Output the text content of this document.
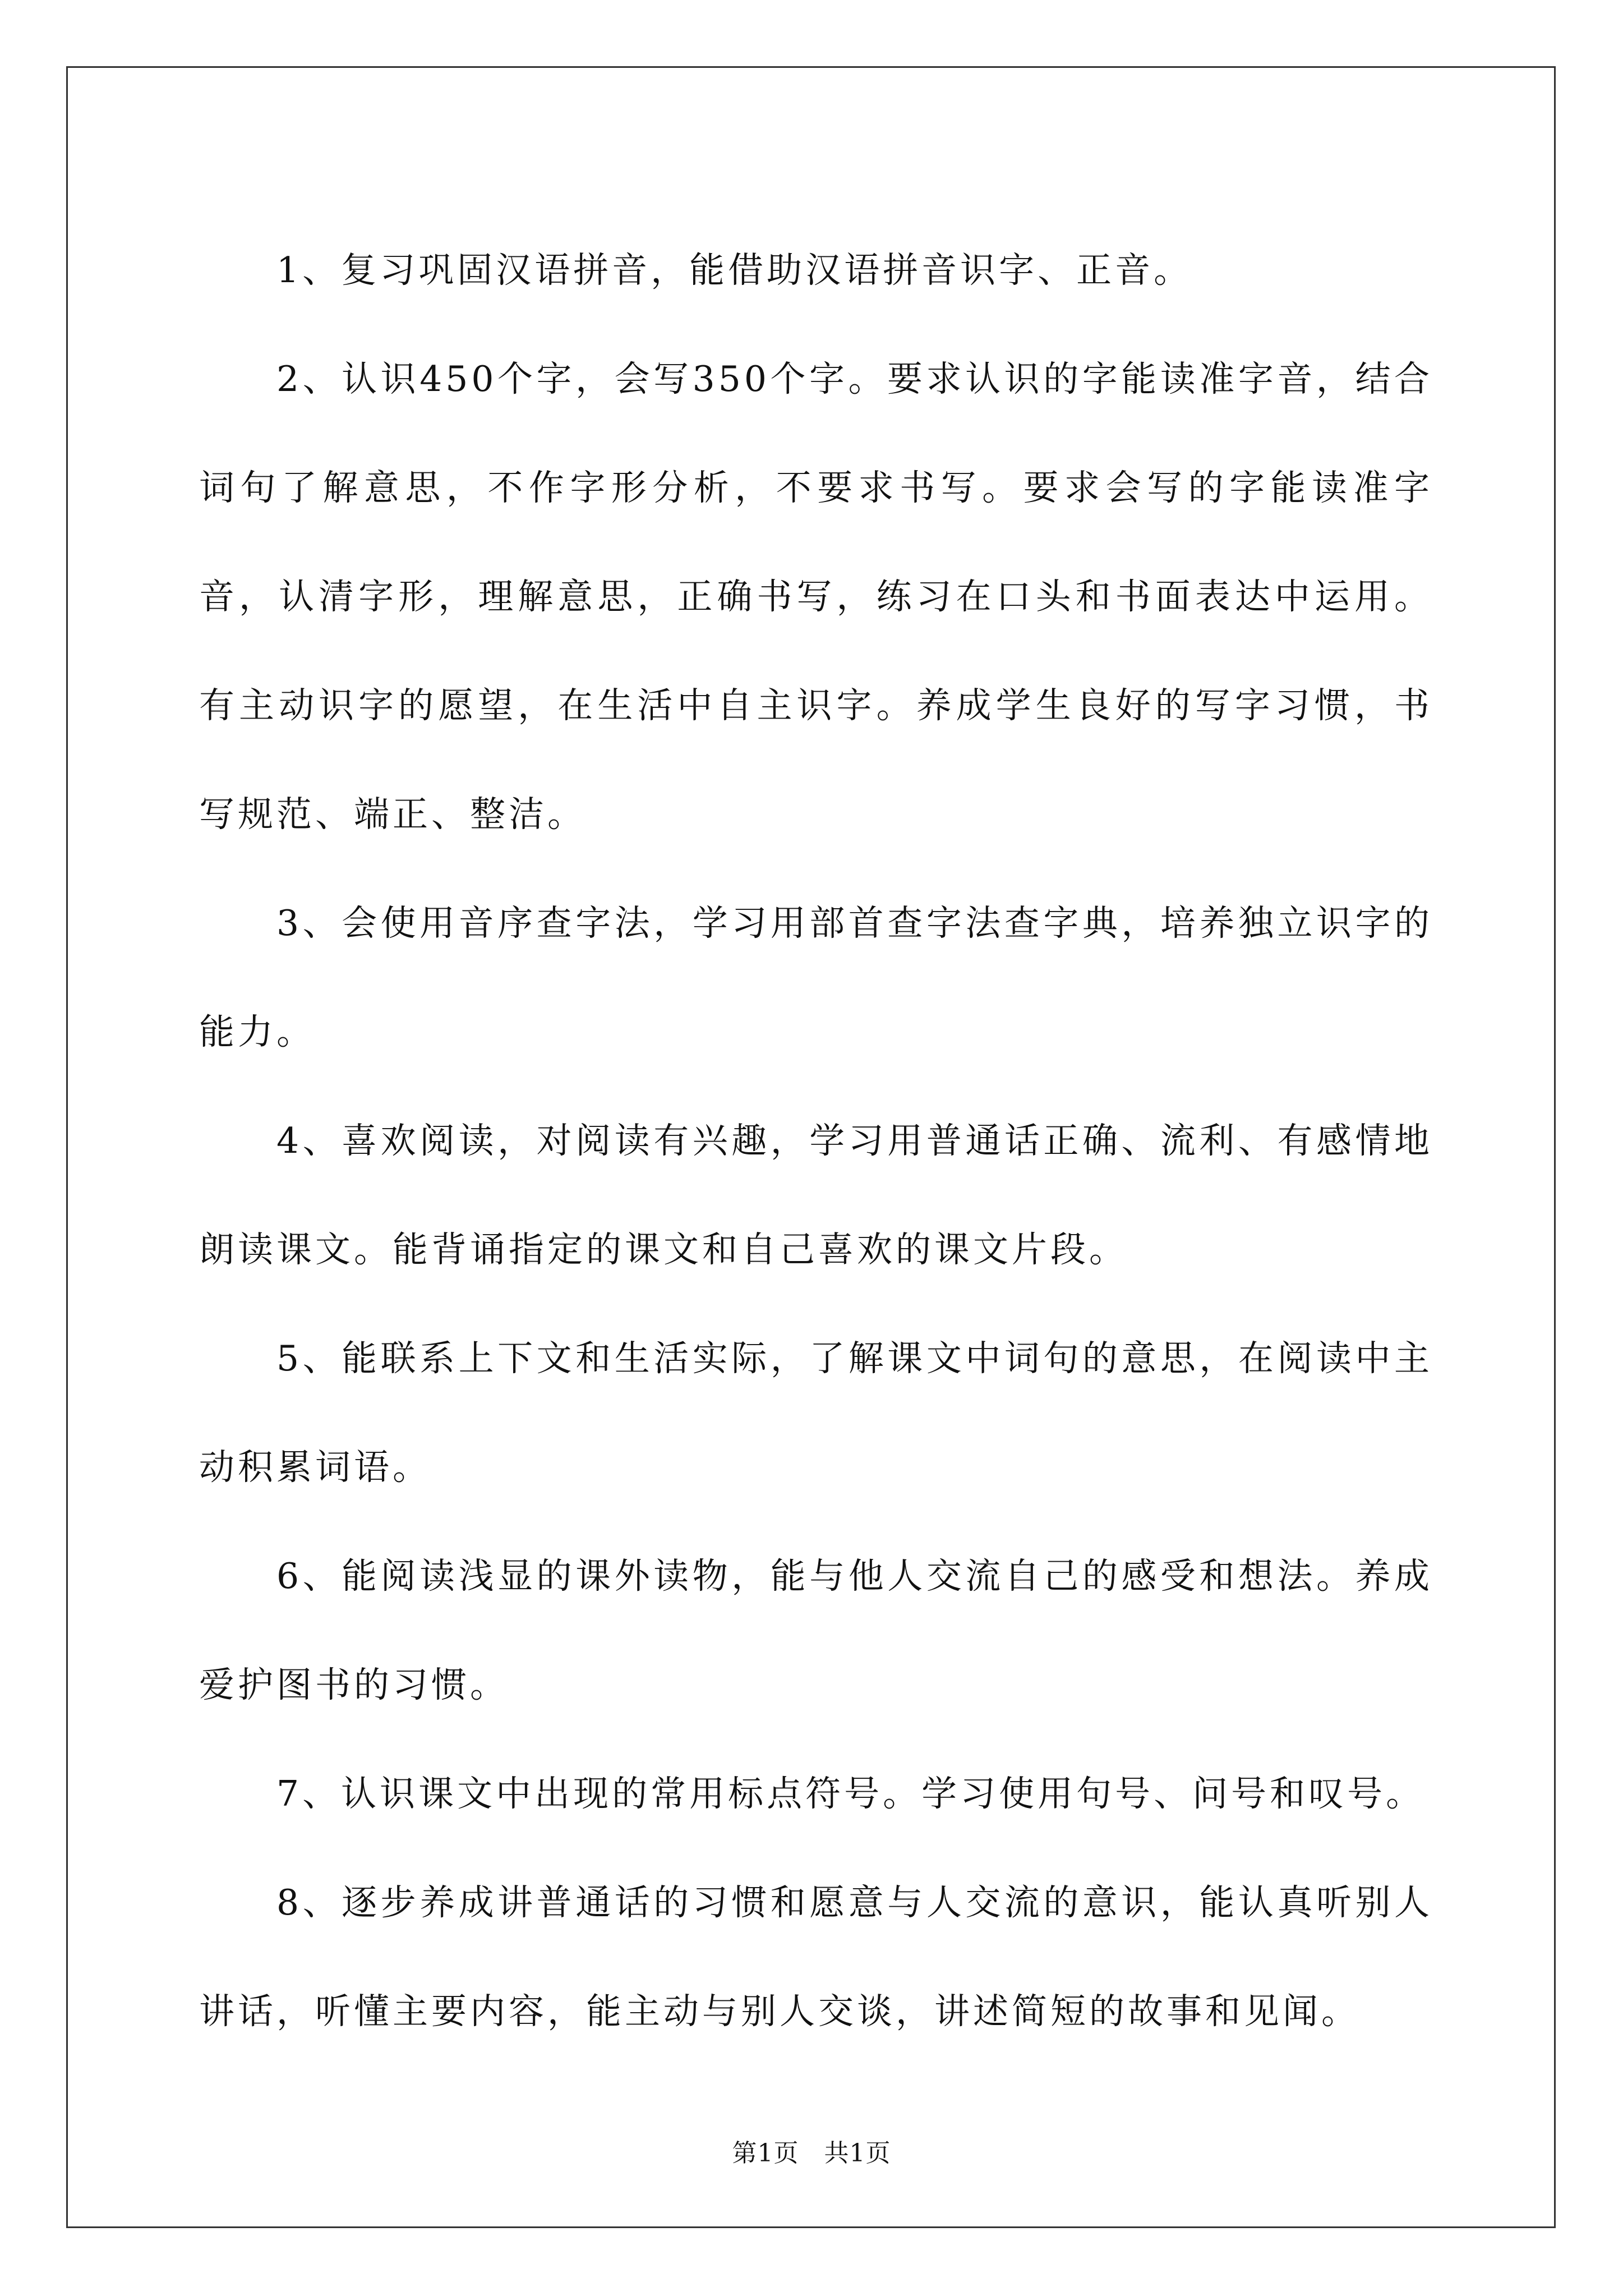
1、复习巩固汉语拼音，能借助汉语拼音识字、正音。

2、认识450个字，会写350个字。要求认识的字能读准字音，结合词句了解意思，不作字形分析，不要求书写。要求会写的字能读准字音，认清字形，理解意思，正确书写，练习在口头和书面表达中运用。有主动识字的愿望，在生活中自主识字。养成学生良好的写字习惯，书写规范、端正、整洁。

3、会使用音序查字法，学习用部首查字法查字典，培养独立识字的能力。

4、喜欢阅读，对阅读有兴趣，学习用普通话正确、流利、有感情地朗读课文。能背诵指定的课文和自己喜欢的课文片段。

5、能联系上下文和生活实际，了解课文中词句的意思，在阅读中主动积累词语。

6、能阅读浅显的课外读物，能与他人交流自己的感受和想法。养成爱护图书的习惯。

7、认识课文中出现的常用标点符号。学习使用句号、问号和叹号。

8、逐步养成讲普通话的习惯和愿意与人交流的意识，能认真听别人讲话，听懂主要内容，能主动与别人交谈，讲述简短的故事和见闻。

第1页 共1页
